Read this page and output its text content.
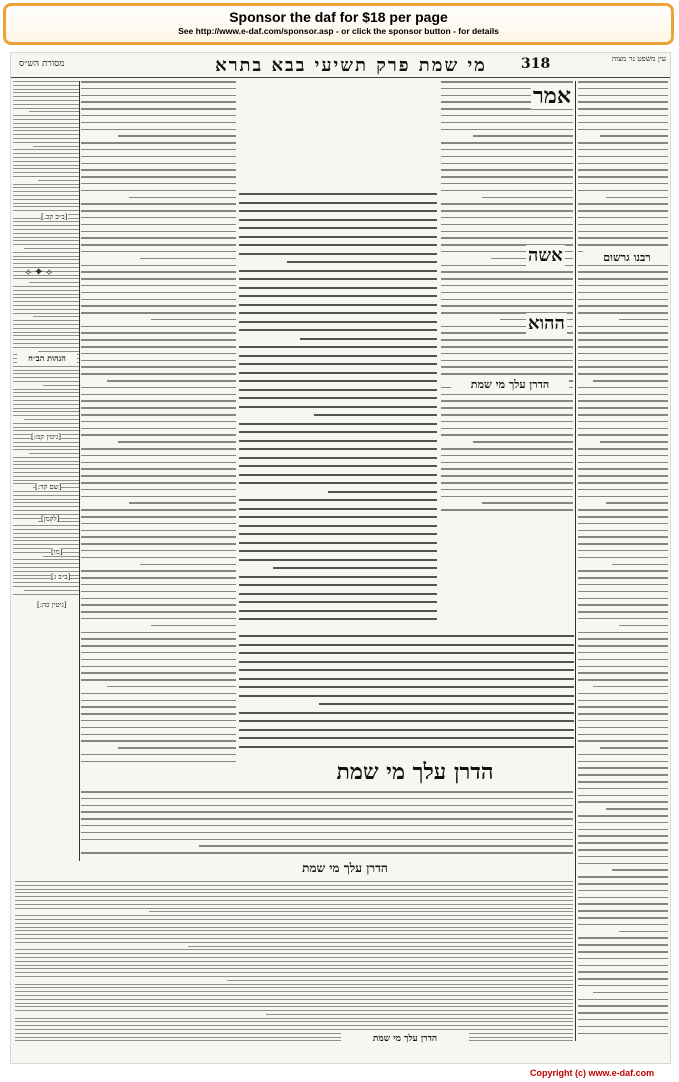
Sponsor the daf for $18 per page
See http://www.e-daf.com/sponsor.asp - or click the sponsor button - for details
מסורת הש״ס	מי שמת פרק תשיעי בבא בתרא	318	עין משפט נר מצוה
הגהות הב״ח
⟡ ✦ ⟡
אמר
אשה
ההוא
רבנו גרשום
הדרן עלך מי שמת
הדרן עלך מי שמת
הדרן עלך מי שמת
הדרן עלך מי שמת
[ב״ב קכ.]
[גיטין קמ:]
[שם קד:]
[לקמן]
[מו]
[ב״ב ג]
[גיטין כה:]
Copyright (c) www.e-daf.com
